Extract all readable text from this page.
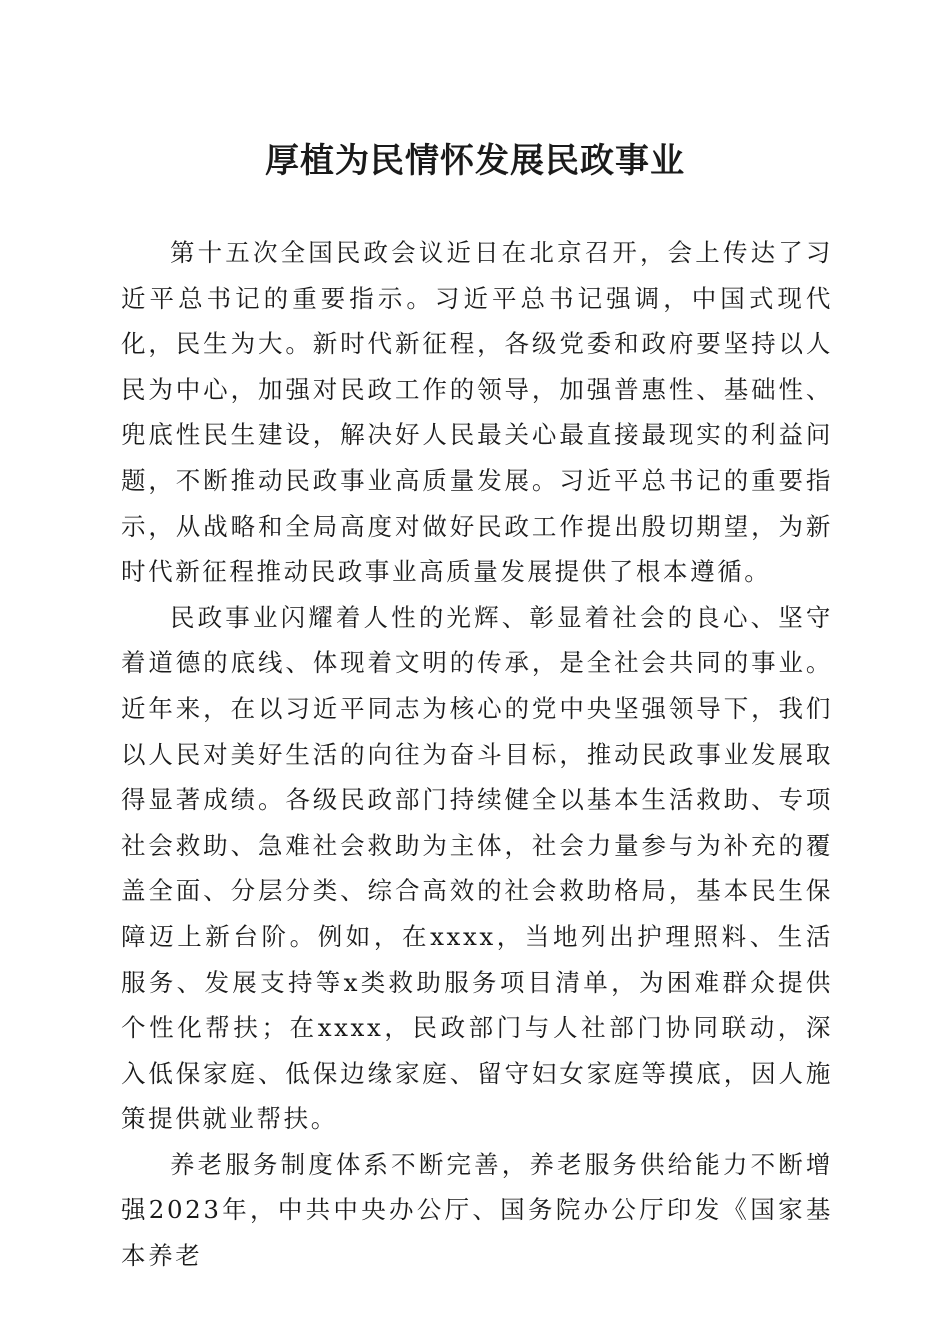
厚植为民情怀发展民政事业

第十五次全国民政会议近日在北京召开，会上传达了习近平总书记的重要指示。习近平总书记强调，中国式现代化，民生为大。新时代新征程，各级党委和政府要坚持以人民为中心，加强对民政工作的领导，加强普惠性、基础性、兜底性民生建设，解决好人民最关心最直接最现实的利益问题，不断推动民政事业高质量发展。习近平总书记的重要指示，从战略和全局高度对做好民政工作提出殷切期望，为新时代新征程推动民政事业高质量发展提供了根本遵循。

民政事业闪耀着人性的光辉、彰显着社会的良心、坚守着道德的底线、体现着文明的传承，是全社会共同的事业。近年来，在以习近平同志为核心的党中央坚强领导下，我们以人民对美好生活的向往为奋斗目标，推动民政事业发展取得显著成绩。各级民政部门持续健全以基本生活救助、专项社会救助、急难社会救助为主体，社会力量参与为补充的覆盖全面、分层分类、综合高效的社会救助格局，基本民生保障迈上新台阶。例如，在xxxx，当地列出护理照料、生活服务、发展支持等x类救助服务项目清单，为困难群众提供个性化帮扶；在xxxx，民政部门与人社部门协同联动，深入低保家庭、低保边缘家庭、留守妇女家庭等摸底，因人施策提供就业帮扶。

养老服务制度体系不断完善，养老服务供给能力不断增强2023年，中共中央办公厅、国务院办公厅印发《国家基本养老
